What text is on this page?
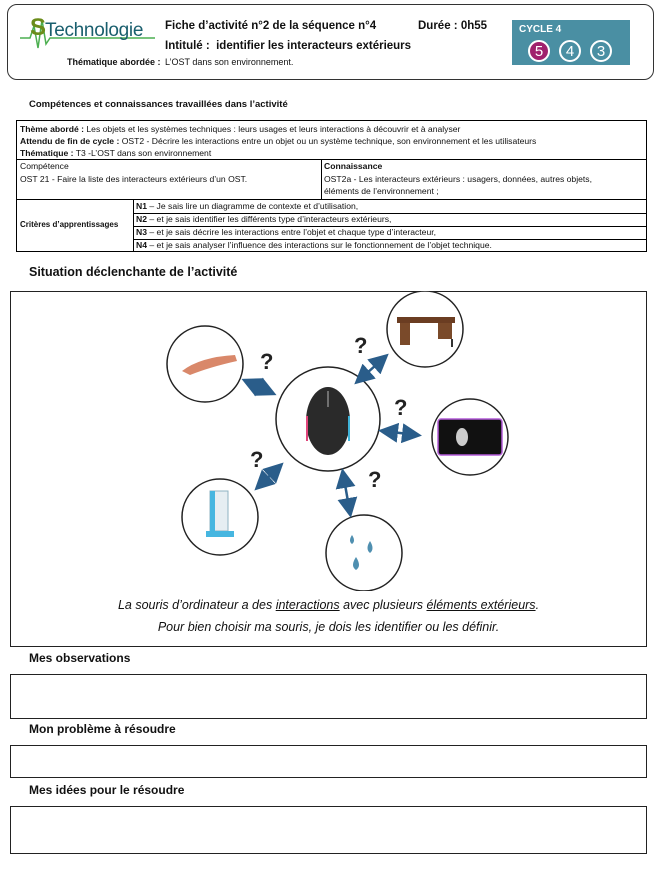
S
Technologie
Thématique abordée : L’OST dans son environnement.
Fiche d’activité n°2 de la séquence n°4	Durée : 0h55
Intitulé : identifier les interacteurs extérieurs
CYCLE 4
5	4	3
Compétences et connaissances travaillées dans l’activité
Thème abordé : Les objets et les systèmes techniques : leurs usages et leurs interactions à découvrir et à analyser
Attendu de fin de cycle : OST2 - Décrire les interactions entre un objet ou un système technique, son environnement et les utilisateurs
Thématique : T3 -L’OST dans son environnement
Compétence
OST 21 - Faire la liste des interacteurs extérieurs d’un OST.
Connaissance
OST2a - Les interacteurs extérieurs : usagers, données, autres objets,
éléments de l’environnement ;
Critères d’apprentissages
N1 – Je sais lire un diagramme de contexte et d’utilisation,
N2 – et je sais identifier les différents type d’interacteurs extérieurs,
N3 – et je sais décrire les interactions entre l’objet et chaque type d’interacteur,
N4 – et je sais analyser l’influence des interactions sur le fonctionnement de l’objet technique.
Situation déclenchante de l’activité
?
?
?
?
?
La souris d’ordinateur a des interactions avec plusieurs éléments extérieurs.
Pour bien choisir ma souris, je dois les identifier ou les définir.
Mes observations
Mon problème à résoudre
Mes idées pour le résoudre
